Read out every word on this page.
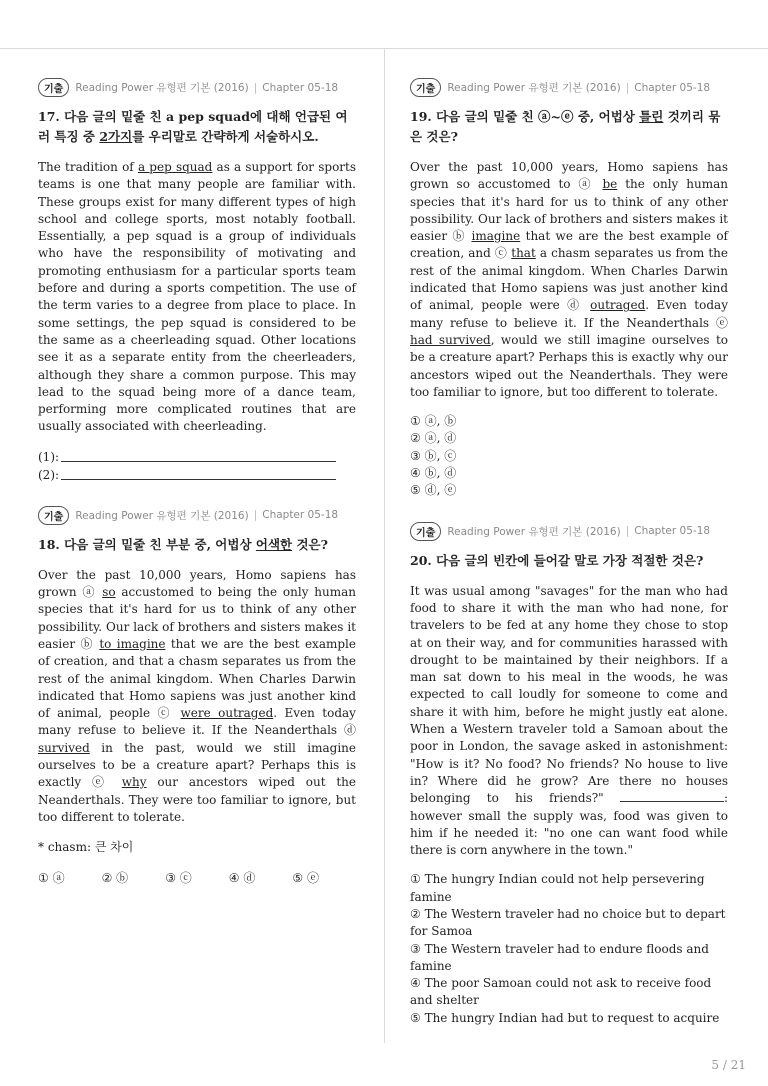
기출	Reading Power 유형편 기본 (2016) | Chapter 05-18

17. 다음 글의 밑줄 친 a pep squad에 대해 언급된 여러 특징 중 2가지를 우리말로 간략하게 서술하시오.

The tradition of a pep squad as a support for sports teams is one that many people are familiar with. These groups exist for many different types of high school and college sports, most notably football. Essentially, a pep squad is a group of individuals who have the responsibility of motivating and promoting enthusiasm for a particular sports team before and during a sports competition. The use of the term varies to a degree from place to place. In some settings, the pep squad is considered to be the same as a cheerleading squad. Other locations see it as a separate entity from the cheerleaders, although they share a common purpose. This may lead to the squad being more of a dance team, performing more complicated routines that are usually associated with cheerleading.

(1):
(2):
기출	Reading Power 유형편 기본 (2016) | Chapter 05-18

18. 다음 글의 밑줄 친 부분 중, 어법상 어색한 것은?

Over the past 10,000 years, Homo sapiens has grown ⓐ so accustomed to being the only human species that it's hard for us to think of any other possibility. Our lack of brothers and sisters makes it easier ⓑ to imagine that we are the best example of creation, and that a chasm separates us from the rest of the animal kingdom. When Charles Darwin indicated that Homo sapiens was just another kind of animal, people ⓒ were outraged. Even today many refuse to believe it. If the Neanderthals ⓓ survived in the past, would we still imagine ourselves to be a creature apart? Perhaps this is exactly ⓔ why our ancestors wiped out the Neanderthals. They were too familiar to ignore, but too different to tolerate.

* chasm: 큰 차이
① ⓐ	② ⓑ	③ ⓒ	④ ⓓ	⑤ ⓔ
기출	Reading Power 유형편 기본 (2016) | Chapter 05-18

19. 다음 글의 밑줄 친 ⓐ~ⓔ 중, 어법상 틀린 것끼리 묶은 것은?

Over the past 10,000 years, Homo sapiens has grown so accustomed to ⓐ be the only human species that it's hard for us to think of any other possibility. Our lack of brothers and sisters makes it easier ⓑ imagine that we are the best example of creation, and ⓒ that a chasm separates us from the rest of the animal kingdom. When Charles Darwin indicated that Homo sapiens was just another kind of animal, people were ⓓ outraged. Even today many refuse to believe it. If the Neanderthals ⓔ had survived, would we still imagine ourselves to be a creature apart? Perhaps this is exactly why our ancestors wiped out the Neanderthals. They were too familiar to ignore, but too different to tolerate.

① ⓐ, ⓑ
② ⓐ, ⓓ
③ ⓑ, ⓒ
④ ⓑ, ⓓ
⑤ ⓓ, ⓔ
기출	Reading Power 유형편 기본 (2016) | Chapter 05-18

20. 다음 글의 빈칸에 들어갈 말로 가장 적절한 것은?

It was usual among "savages" for the man who had food to share it with the man who had none, for travelers to be fed at any home they chose to stop at on their way, and for communities harassed with drought to be maintained by their neighbors. If a man sat down to his meal in the woods, he was expected to call loudly for someone to come and share it with him, before he might justly eat alone. When a Western traveler told a Samoan about the poor in London, the savage asked in astonishment: "How is it? No food? No friends? No house to live in? Where did he grow? Are there no houses belonging to his friends?"	: however small the supply was, food was given to him if he needed it: "no one can want food while there is corn anywhere in the town."

① The hungry Indian could not help persevering famine
② The Western traveler had no choice but to depart for Samoa
③ The Western traveler had to endure floods and famine
④ The poor Samoan could not ask to receive food and shelter
⑤ The hungry Indian had but to request to acquire
5 / 21
